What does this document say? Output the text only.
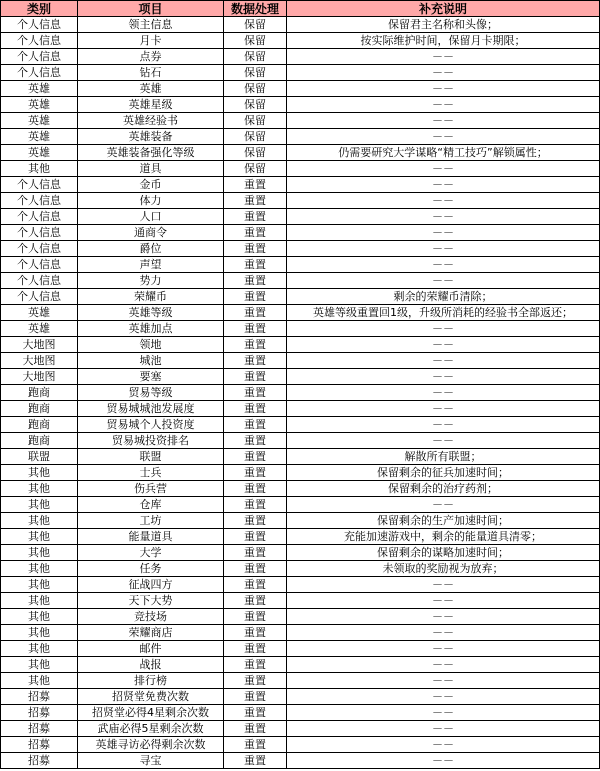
类别	项目	数据处理	补充说明
个人信息	领主信息	保留	保留君主名称和头像；
个人信息	月卡	保留	按实际维护时间，保留月卡期限；
个人信息	点券	保留	－－
个人信息	钻石	保留	－－
英雄	英雄	保留	－－
英雄	英雄星级	保留	－－
英雄	英雄经验书	保留	－－
英雄	英雄装备	保留	－－
英雄	英雄装备强化等级	保留	仍需要研究大学谋略“精工技巧”解锁属性；
其他	道具	保留	－－
个人信息	金币	重置	－－
个人信息	体力	重置	－－
个人信息	人口	重置	－－
个人信息	通商令	重置	－－
个人信息	爵位	重置	－－
个人信息	声望	重置	－－
个人信息	势力	重置	－－
个人信息	荣耀币	重置	剩余的荣耀币清除；
英雄	英雄等级	重置	英雄等级重置回1级，升级所消耗的经验书全部返还；
英雄	英雄加点	重置	－－
大地图	领地	重置	－－
大地图	城池	重置	－－
大地图	要塞	重置	－－
跑商	贸易等级	重置	－－
跑商	贸易城城池发展度	重置	－－
跑商	贸易城个人投资度	重置	－－
跑商	贸易城投资排名	重置	－－
联盟	联盟	重置	解散所有联盟；
其他	士兵	重置	保留剩余的征兵加速时间；
其他	伤兵营	重置	保留剩余的治疗药剂；
其他	仓库	重置	－－
其他	工坊	重置	保留剩余的生产加速时间；
其他	能量道具	重置	充能加速游戏中，剩余的能量道具清零；
其他	大学	重置	保留剩余的谋略加速时间；
其他	任务	重置	未领取的奖励视为放弃；
其他	征战四方	重置	－－
其他	天下大势	重置	－－
其他	竞技场	重置	－－
其他	荣耀商店	重置	－－
其他	邮件	重置	－－
其他	战报	重置	－－
其他	排行榜	重置	－－
招募	招贤堂免费次数	重置	－－
招募	招贤堂必得4星剩余次数	重置	－－
招募	武庙必得5星剩余次数	重置	－－
招募	英雄寻访必得剩余次数	重置	－－
招募	寻宝	重置	－－
